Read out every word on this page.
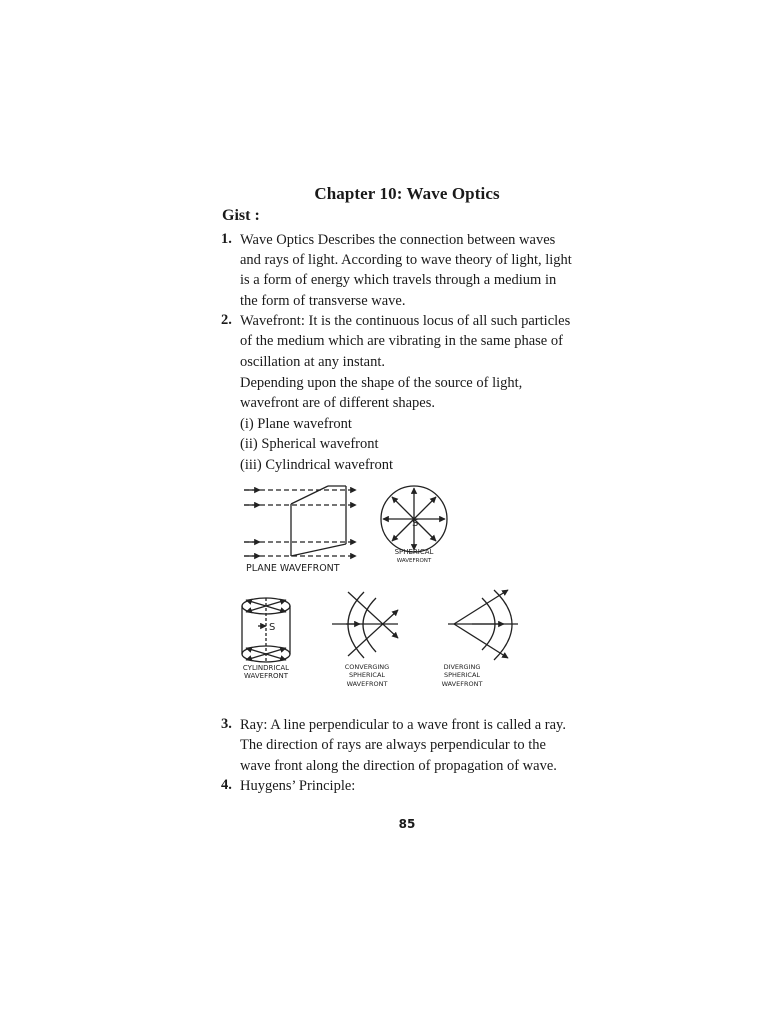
Chapter 10: Wave Optics
Gist :
1. Wave Optics Describes the connection between waves
and rays of light. According to wave theory of light, light
is a form of energy which travels through a medium in
the form of transverse wave.
2. Wavefront: It is the continuous locus of all such particles
of the medium which are vibrating in the same phase of
oscillation at any instant.
Depending upon the shape of the source of light,
wavefront are of different shapes.
(i) Plane wavefront
(ii) Spherical wavefront
(iii) Cylindrical wavefront
PLANE WAVEFRONT
S
SPHERICAL
WAVEFRONT
S
CYLINDRICAL
WAVEFRONT
CONVERGING
SPHERICAL
WAVEFRONT
DIVERGING
SPHERICAL
WAVEFRONT
3. Ray: A line perpendicular to a wave front is called a ray.
The direction of rays are always perpendicular to the
wave front along the direction of propagation of wave.
4. Huygens’ Principle:
85
